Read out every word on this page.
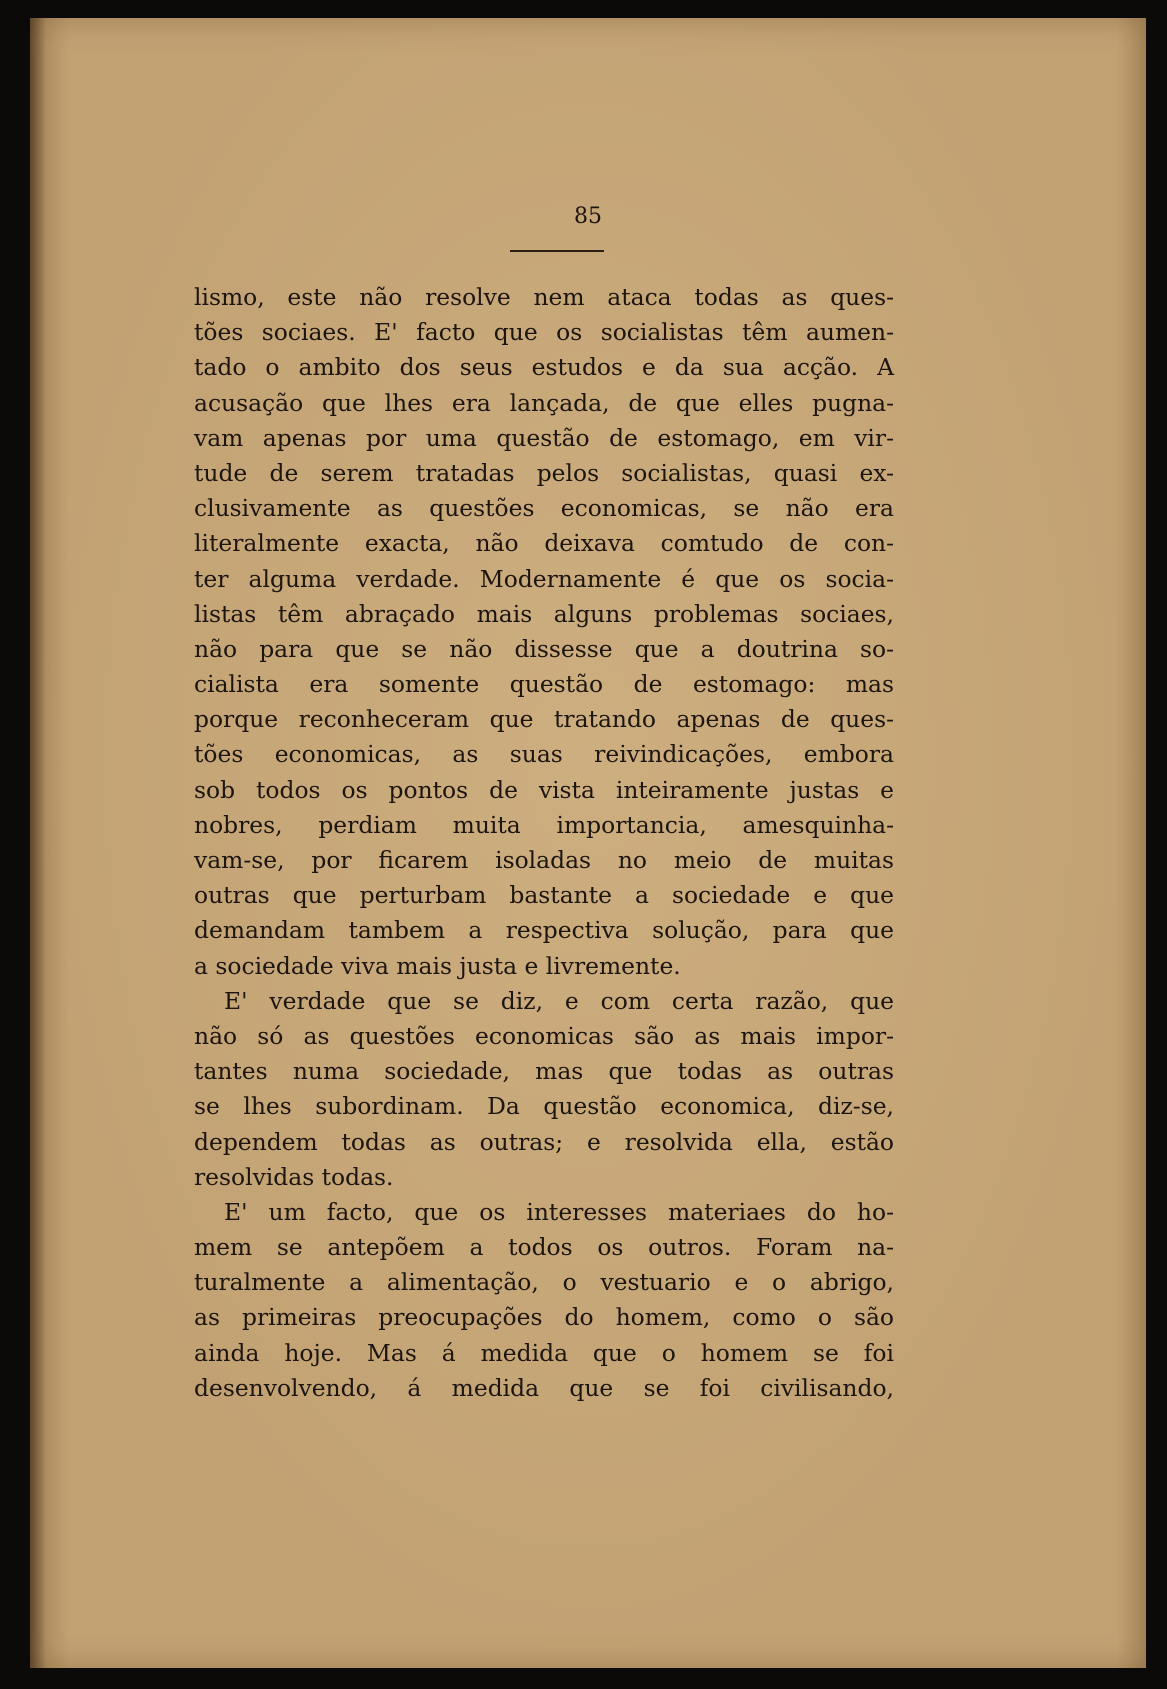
85
lismo, este não resolve nem ataca todas as ques-
tões sociaes. E' facto que os socialistas têm aumen-
tado o ambito dos seus estudos e da sua acção. A
acusação que lhes era lançada, de que elles pugna-
vam apenas por uma questão de estomago, em vir-
tude de serem tratadas pelos socialistas, quasi ex-
clusivamente as questões economicas, se não era
literalmente exacta, não deixava comtudo de con-
ter alguma verdade. Modernamente é que os socia-
listas têm abraçado mais alguns problemas sociaes,
não para que se não dissesse que a doutrina so-
cialista era somente questão de estomago: mas
porque reconheceram que tratando apenas de ques-
tões economicas, as suas reivindicações, embora
sob todos os pontos de vista inteiramente justas e
nobres, perdiam muita importancia, amesquinha-
vam-se, por ficarem isoladas no meio de muitas
outras que perturbam bastante a sociedade e que
demandam tambem a respectiva solução, para que
a sociedade viva mais justa e livremente.
E' verdade que se diz, e com certa razão, que
não só as questões economicas são as mais impor-
tantes numa sociedade, mas que todas as outras
se lhes subordinam. Da questão economica, diz-se,
dependem todas as outras; e resolvida ella, estão
resolvidas todas.
E' um facto, que os interesses materiaes do ho-
mem se antepõem a todos os outros. Foram na-
turalmente a alimentação, o vestuario e o abrigo,
as primeiras preocupações do homem, como o são
ainda hoje. Mas á medida que o homem se foi
desenvolvendo, á medida que se foi civilisando,
